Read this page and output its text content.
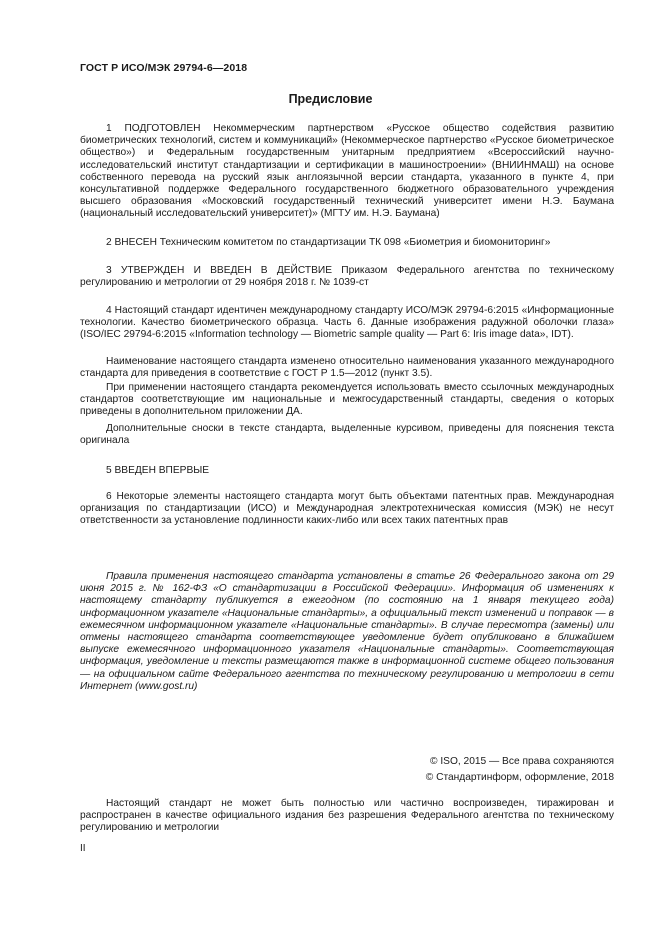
ГОСТ Р ИСО/МЭК 29794-6—2018
Предисловие
1 ПОДГОТОВЛЕН Некоммерческим партнерством «Русское общество содействия развитию биометрических технологий, систем и коммуникаций» (Некоммерческое партнерство «Русское биометрическое общество») и Федеральным государственным унитарным предприятием «Всероссийский научно-исследовательский институт стандартизации и сертификации в машиностроении» (ВНИИНМАШ) на основе собственного перевода на русский язык англоязычной версии стандарта, указанного в пункте 4, при консультативной поддержке Федерального государственного бюджетного образовательного учреждения высшего образования «Московский государственный технический университет имени Н.Э. Баумана (национальный исследовательский университет)» (МГТУ им. Н.Э. Баумана)
2 ВНЕСЕН Техническим комитетом по стандартизации ТК 098 «Биометрия и биомониторинг»
3 УТВЕРЖДЕН И ВВЕДЕН В ДЕЙСТВИЕ Приказом Федерального агентства по техническому регулированию и метрологии от 29 ноября 2018 г. № 1039-ст
4 Настоящий стандарт идентичен международному стандарту ИСО/МЭК 29794-6:2015 «Информационные технологии. Качество биометрического образца. Часть 6. Данные изображения радужной оболочки глаза» (ISO/IEC 29794-6:2015 «Information technology — Biometric sample quality — Part 6: Iris image data», IDT).
Наименование настоящего стандарта изменено относительно наименования указанного международного стандарта для приведения в соответствие с ГОСТ Р 1.5—2012 (пункт 3.5).
При применении настоящего стандарта рекомендуется использовать вместо ссылочных международных стандартов соответствующие им национальные и межгосударственный стандарты, сведения о которых приведены в дополнительном приложении ДА.
Дополнительные сноски в тексте стандарта, выделенные курсивом, приведены для пояснения текста оригинала
5 ВВЕДЕН ВПЕРВЫЕ
6 Некоторые элементы настоящего стандарта могут быть объектами патентных прав. Международная организация по стандартизации (ИСО) и Международная электротехническая комиссия (МЭК) не несут ответственности за установление подлинности каких-либо или всех таких патентных прав
Правила применения настоящего стандарта установлены в статье 26 Федерального закона от 29 июня 2015 г. № 162-ФЗ «О стандартизации в Российской Федерации». Информация об изменениях к настоящему стандарту публикуется в ежегодном (по состоянию на 1 января текущего года) информационном указателе «Национальные стандарты», а официальный текст изменений и поправок — в ежемесячном информационном указателе «Национальные стандарты». В случае пересмотра (замены) или отмены настоящего стандарта соответствующее уведомление будет опубликовано в ближайшем выпуске ежемесячного информационного указателя «Национальные стандарты». Соответствующая информация, уведомление и тексты размещаются также в информационной системе общего пользования — на официальном сайте Федерального агентства по техническому регулированию и метрологии в сети Интернет (www.gost.ru)
© ISO, 2015 — Все права сохраняются
© Стандартинформ, оформление, 2018
Настоящий стандарт не может быть полностью или частично воспроизведен, тиражирован и распространен в качестве официального издания без разрешения Федерального агентства по техническому регулированию и метрологии
II
